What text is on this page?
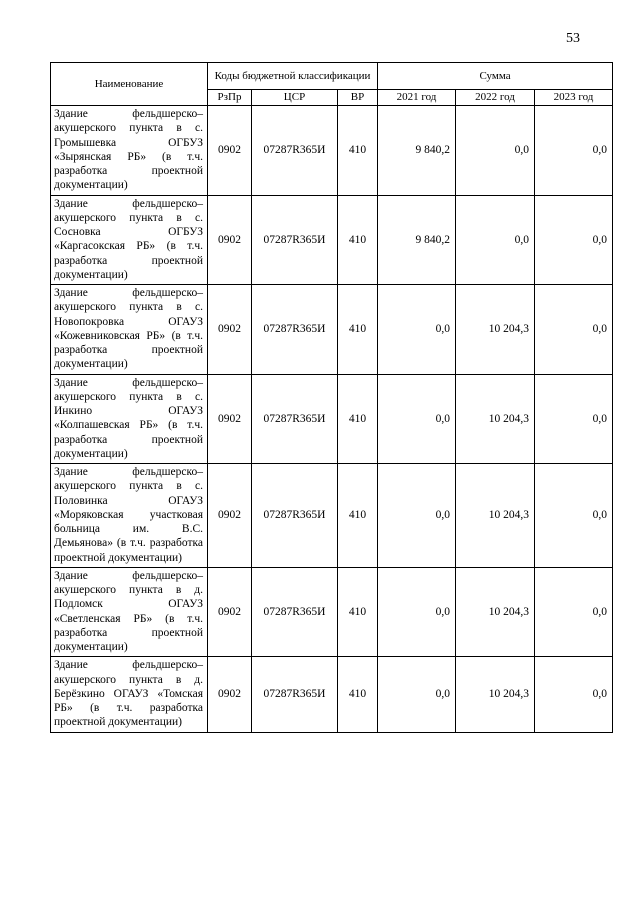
53
Наименование	Коды бюджетной классификации			Сумма		
	РзПр	ЦСР	ВР	2021 год	2022 год	2023 год
Здание фельдшерско–акушерского пункта в с. Громышевка ОГБУЗ «Зырянская РБ» (в т.ч. разработка проектной документации)	0902	07287R365И	410	9 840,2	0,0	0,0
Здание фельдшерско–акушерского пункта в с. Сосновка ОГБУЗ «Каргасокская РБ» (в т.ч. разработка проектной документации)	0902	07287R365И	410	9 840,2	0,0	0,0
Здание фельдшерско–акушерского пункта в с. Новопокровка ОГАУЗ «Кожевниковская РБ» (в т.ч. разработка проектной документации)	0902	07287R365И	410	0,0	10 204,3	0,0
Здание фельдшерско–акушерского пункта в с. Инкино ОГАУЗ «Колпашевская РБ» (в т.ч. разработка проектной документации)	0902	07287R365И	410	0,0	10 204,3	0,0
Здание фельдшерско–акушерского пункта в с. Половинка ОГАУЗ «Моряковская участковая больница им. В.С. Демьянова» (в т.ч. разработка проектной документации)	0902	07287R365И	410	0,0	10 204,3	0,0
Здание фельдшерско–акушерского пункта в д. Подломск ОГАУЗ «Светленская РБ» (в т.ч. разработка проектной документации)	0902	07287R365И	410	0,0	10 204,3	0,0
Здание фельдшерско–акушерского пункта в д. Берёзкино ОГАУЗ «Томская РБ» (в т.ч. разработка проектной документации)	0902	07287R365И	410	0,0	10 204,3	0,0
